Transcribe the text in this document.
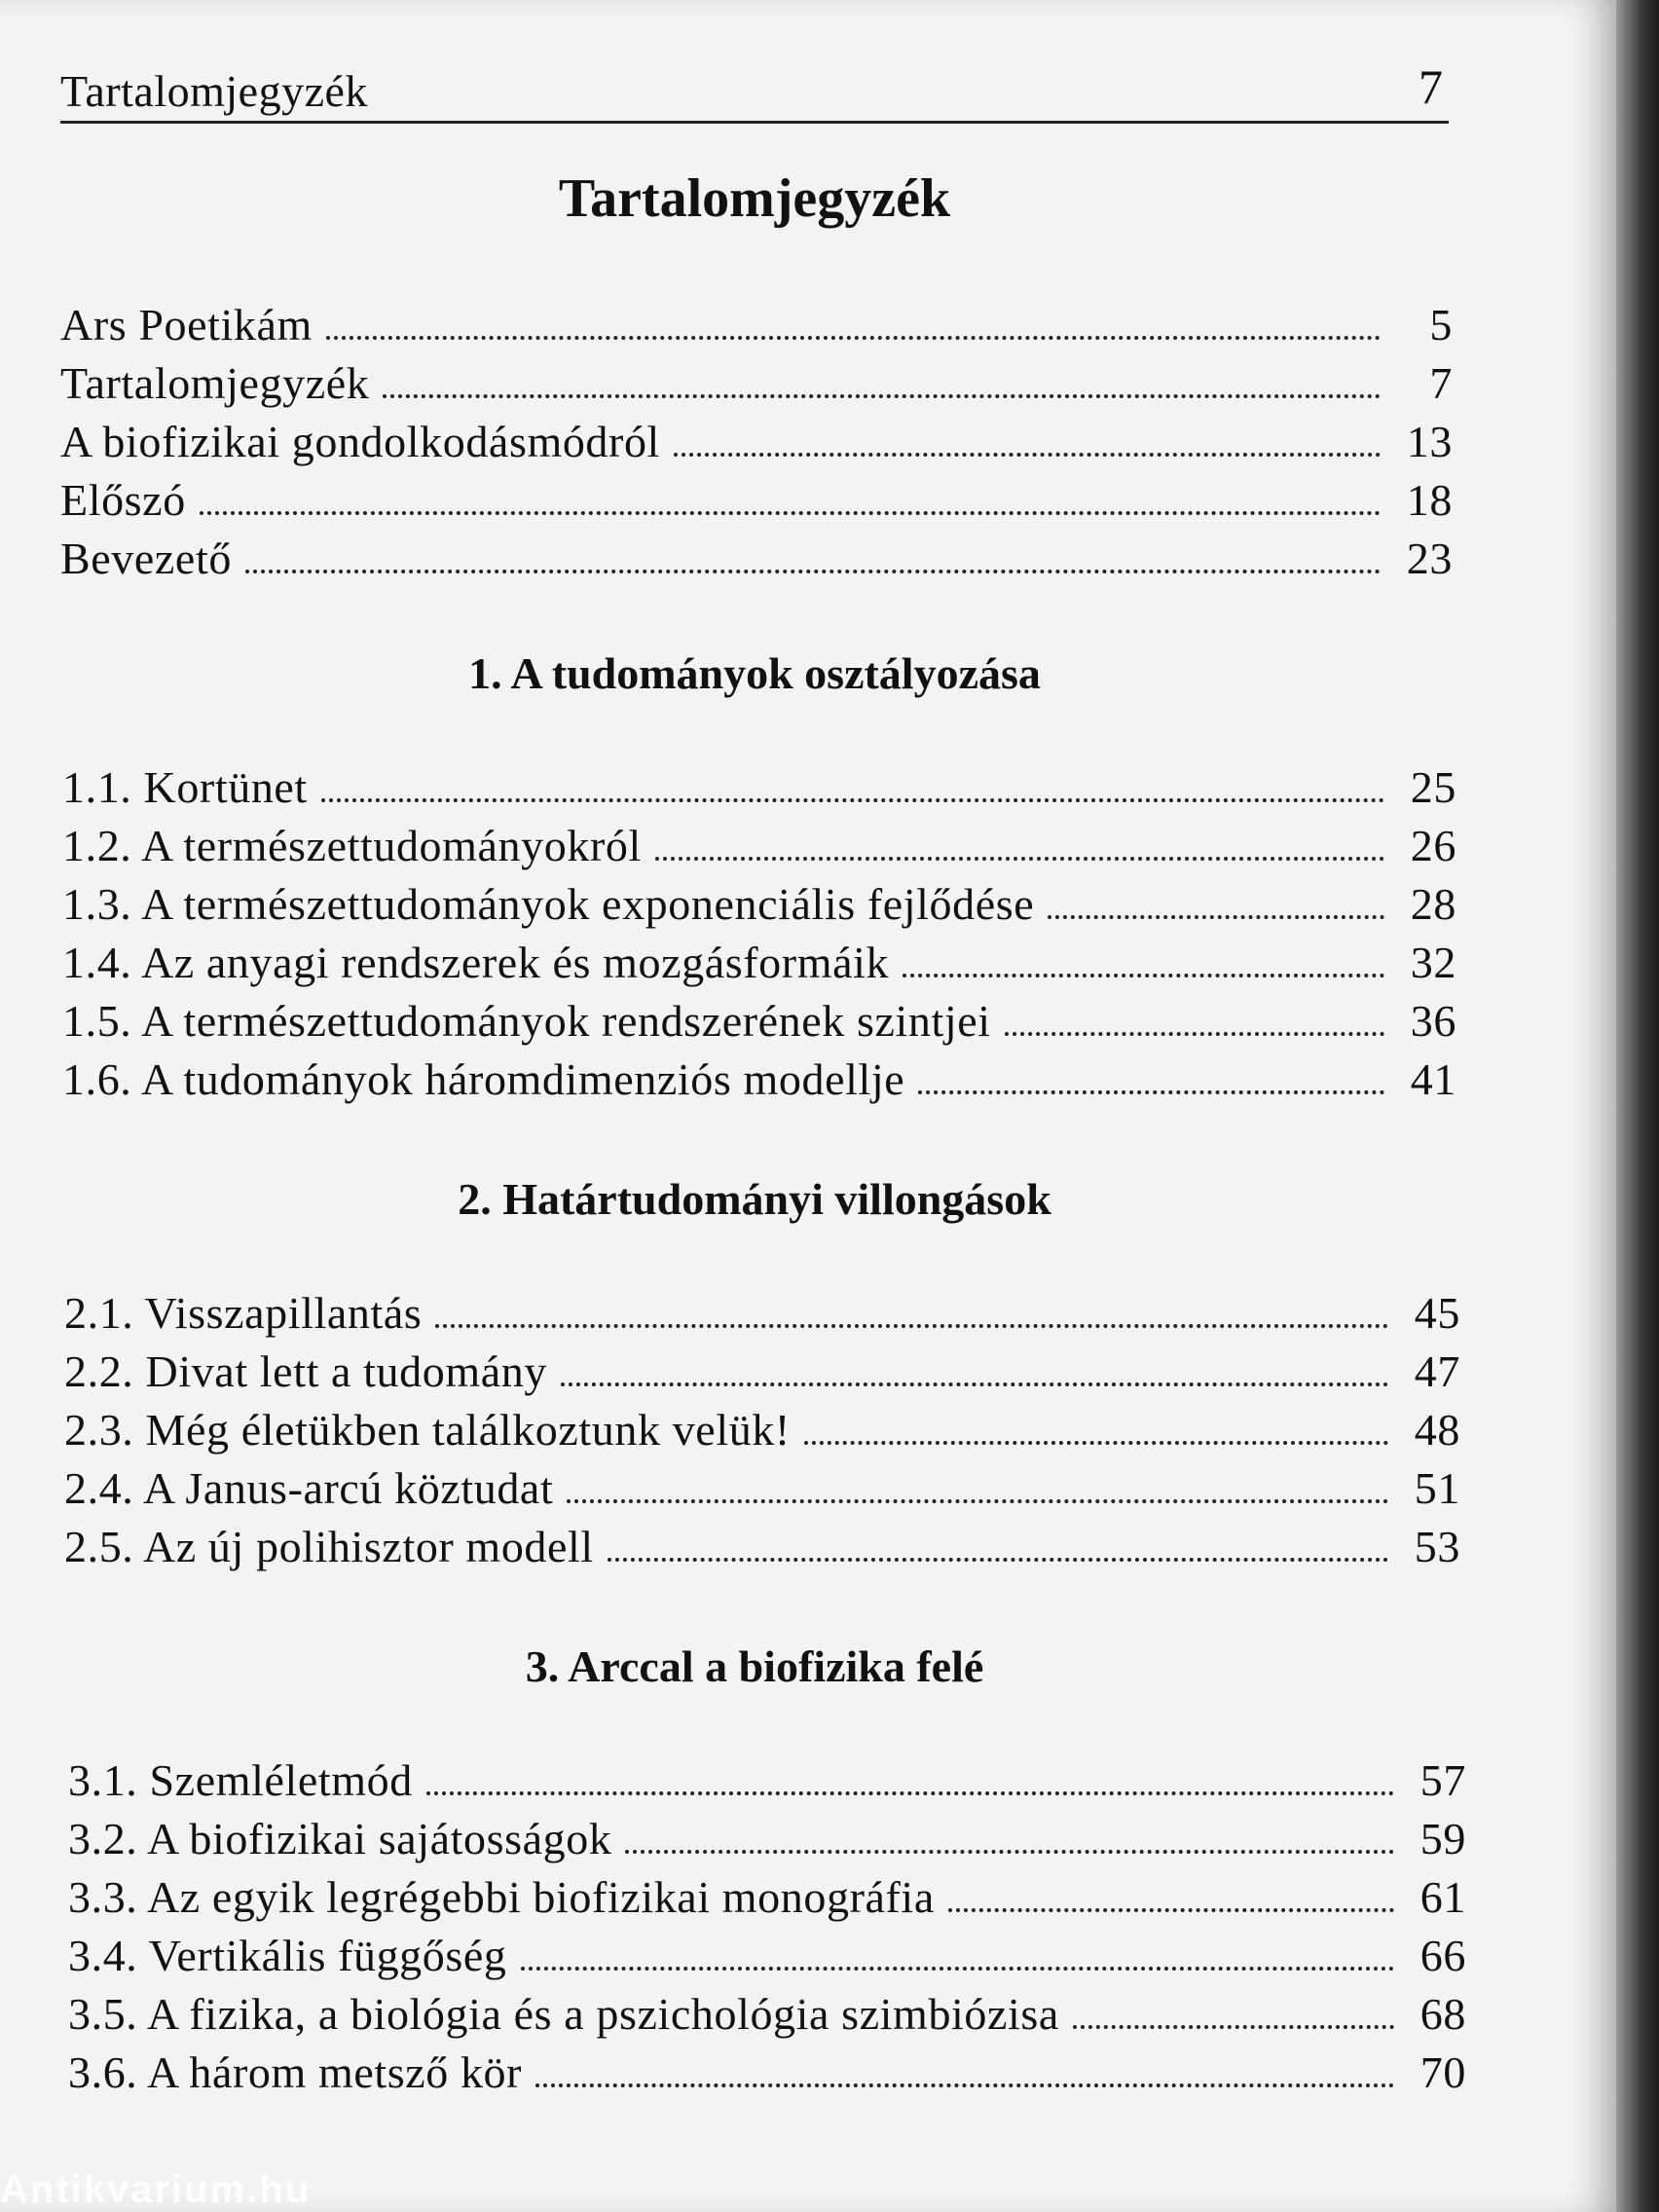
Tartalomjegyzék	7
Tartalomjegyzék
Ars Poetikám	5
Tartalomjegyzék	7
A biofizikai gondolkodásmódról	13
Előszó	18
Bevezető	23
1. A tudományok osztályozása
1.1. Kortünet	25
1.2. A természettudományokról	26
1.3. A természettudományok exponenciális fejlődése	28
1.4. Az anyagi rendszerek és mozgásformáik	32
1.5. A természettudományok rendszerének szintjei	36
1.6. A tudományok háromdimenziós modellje	41
2. Határtudományi villongások
2.1. Visszapillantás	45
2.2. Divat lett a tudomány	47
2.3. Még életükben találkoztunk velük!	48
2.4. A Janus-arcú köztudat	51
2.5. Az új polihisztor modell	53
3. Arccal a biofizika felé
3.1. Szemléletmód	57
3.2. A biofizikai sajátosságok	59
3.3. Az egyik legrégebbi biofizikai monográfia	61
3.4. Vertikális függőség	66
3.5. A fizika, a biológia és a pszichológia szimbiózisa	68
3.6. A három metsző kör	70
Antikvarium.hu
